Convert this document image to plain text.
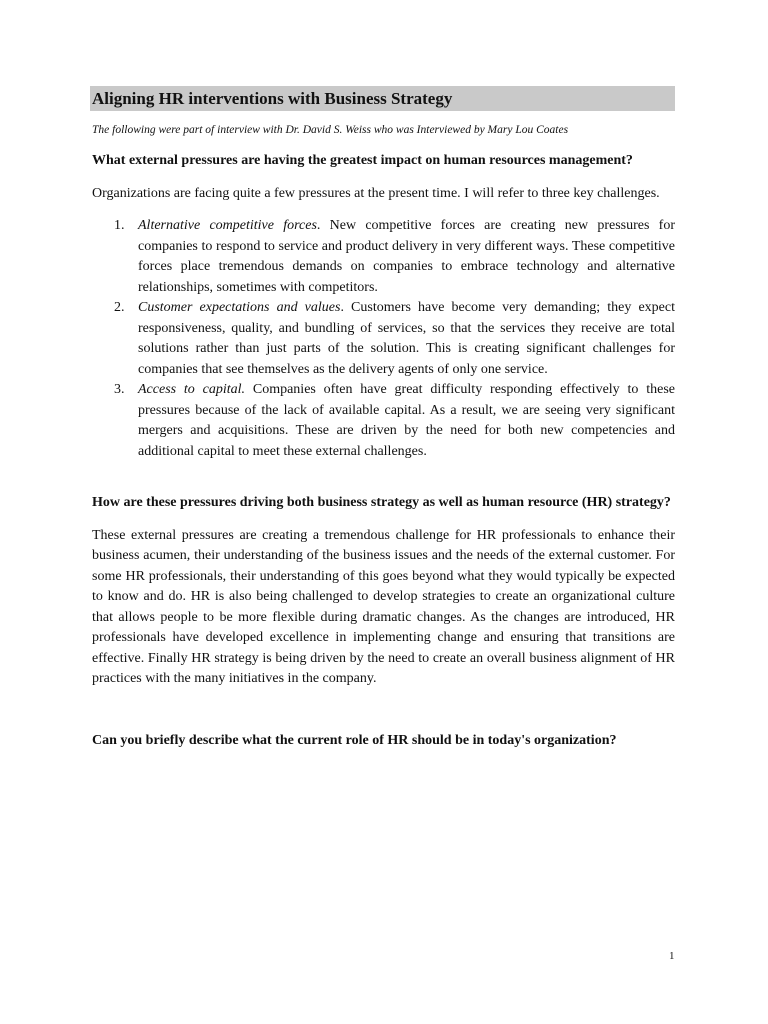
Aligning HR interventions with Business Strategy
The following were part of interview with Dr. David S. Weiss who was Interviewed by Mary Lou Coates

What external pressures are having the greatest impact on human resources management?

Organizations are facing quite a few pressures at the present time. I will refer to three key challenges.

1. Alternative competitive forces. New competitive forces are creating new pressures for companies to respond to service and product delivery in very different ways. These competitive forces place tremendous demands on companies to embrace technology and alternative relationships, sometimes with competitors.
2. Customer expectations and values. Customers have become very demanding; they expect responsiveness, quality, and bundling of services, so that the services they receive are total solutions rather than just parts of the solution. This is creating significant challenges for companies that see themselves as the delivery agents of only one service.
3. Access to capital. Companies often have great difficulty responding effectively to these pressures because of the lack of available capital. As a result, we are seeing very significant mergers and acquisitions. These are driven by the need for both new competencies and additional capital to meet these external challenges.

How are these pressures driving both business strategy as well as human resource (HR) strategy?

These external pressures are creating a tremendous challenge for HR professionals to enhance their business acumen, their understanding of the business issues and the needs of the external customer. For some HR professionals, their understanding of this goes beyond what they would typically be expected to know and do. HR is also being challenged to develop strategies to create an organizational culture that allows people to be more flexible during dramatic changes. As the changes are introduced, HR professionals have developed excellence in implementing change and ensuring that transitions are effective. Finally HR strategy is being driven by the need to create an overall business alignment of HR practices with the many initiatives in the company.

Can you briefly describe what the current role of HR should be in today's organization?

1
